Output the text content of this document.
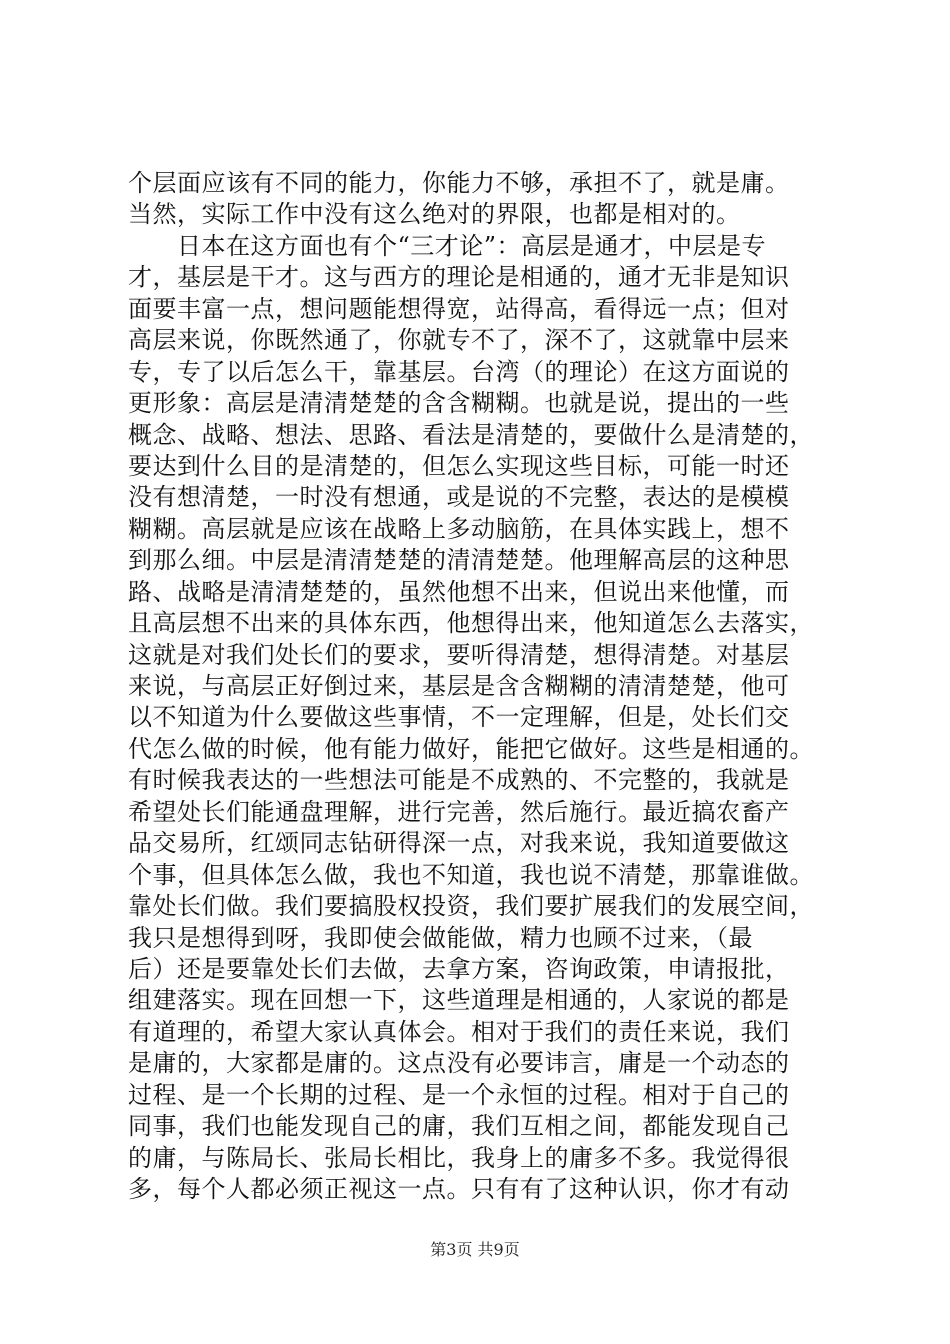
个层面应该有不同的能力，你能力不够，承担不了，就是庸。
当然，实际工作中没有这么绝对的界限，也都是相对的。
　　日本在这方面也有个“三才论”：高层是通才，中层是专
才，基层是干才。这与西方的理论是相通的，通才无非是知识
面要丰富一点，想问题能想得宽，站得高，看得远一点；但对
高层来说，你既然通了，你就专不了，深不了，这就靠中层来
专，专了以后怎么干，靠基层。台湾（的理论）在这方面说的
更形象：高层是清清楚楚的含含糊糊。也就是说，提出的一些
概念、战略、想法、思路、看法是清楚的，要做什么是清楚的，
要达到什么目的是清楚的，但怎么实现这些目标，可能一时还
没有想清楚，一时没有想通，或是说的不完整，表达的是模模
糊糊。高层就是应该在战略上多动脑筋，在具体实践上，想不
到那么细。中层是清清楚楚的清清楚楚。他理解高层的这种思
路、战略是清清楚楚的，虽然他想不出来，但说出来他懂，而
且高层想不出来的具体东西，他想得出来，他知道怎么去落实，
这就是对我们处长们的要求，要听得清楚，想得清楚。对基层
来说，与高层正好倒过来，基层是含含糊糊的清清楚楚，他可
以不知道为什么要做这些事情，不一定理解，但是，处长们交
代怎么做的时候，他有能力做好，能把它做好。这些是相通的。
有时候我表达的一些想法可能是不成熟的、不完整的，我就是
希望处长们能通盘理解，进行完善，然后施行。最近搞农畜产
品交易所，红颂同志钻研得深一点，对我来说，我知道要做这
个事，但具体怎么做，我也不知道，我也说不清楚，那靠谁做。
靠处长们做。我们要搞股权投资，我们要扩展我们的发展空间，
我只是想得到呀，我即使会做能做，精力也顾不过来，（最
后）还是要靠处长们去做，去拿方案，咨询政策，申请报批，
组建落实。现在回想一下，这些道理是相通的，人家说的都是
有道理的，希望大家认真体会。相对于我们的责任来说，我们
是庸的，大家都是庸的。这点没有必要讳言，庸是一个动态的
过程、是一个长期的过程、是一个永恒的过程。相对于自己的
同事，我们也能发现自己的庸，我们互相之间，都能发现自己
的庸，与陈局长、张局长相比，我身上的庸多不多。我觉得很
多，每个人都必须正视这一点。只有有了这种认识，你才有动
第3页 共9页
